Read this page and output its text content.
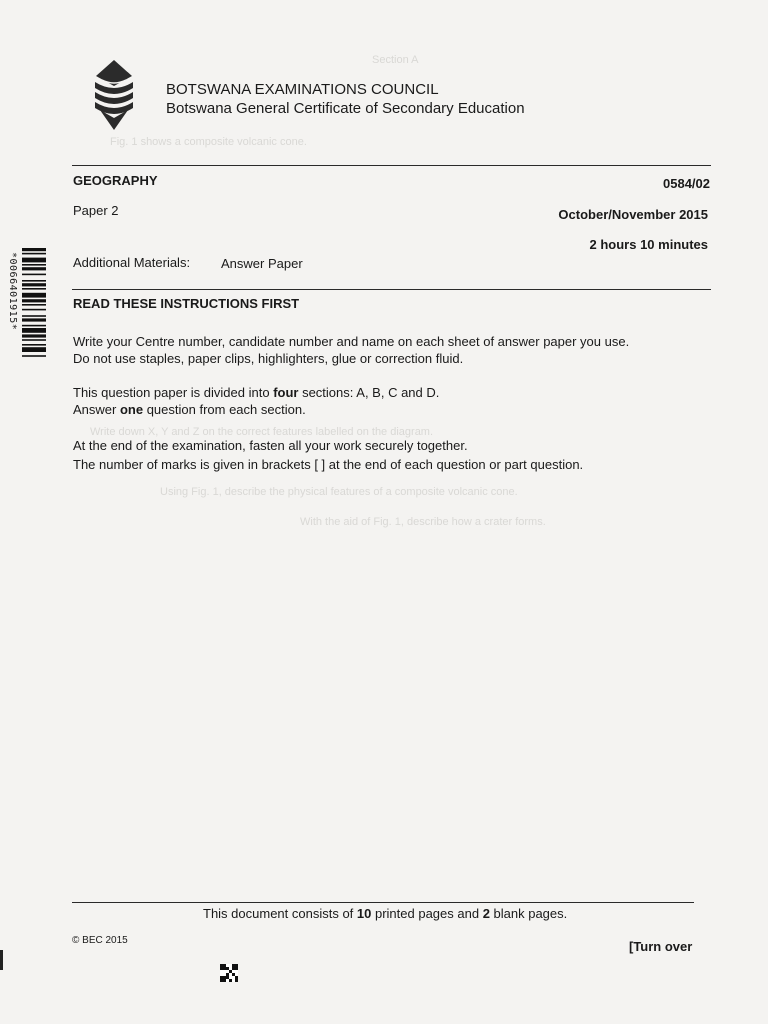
Section A
Fig. 1 shows a composite volcanic cone.
Write down X, Y and Z on the correct features labelled on the diagram.
Using Fig. 1, describe the physical features of a composite volcanic cone.
With the aid of Fig. 1, describe how a crater forms.
BOTSWANA EXAMINATIONS COUNCIL
Botswana General Certificate of Secondary Education
GEOGRAPHY	0584/02
Paper 2	October/November 2015
2 hours 10 minutes
Additional Materials: Answer Paper
*0066401915*	READ THESE INSTRUCTIONS FIRST
Write your Centre number, candidate number and name on each sheet of answer paper you use.
Do not use staples, paper clips, highlighters, glue or correction fluid.
This question paper is divided into four sections: A, B, C and D.
Answer one question from each section.
At the end of the examination, fasten all your work securely together.
The number of marks is given in brackets [ ] at the end of each question or part question.
This document consists of 10 printed pages and 2 blank pages.
© BEC 2015	[Turn over
